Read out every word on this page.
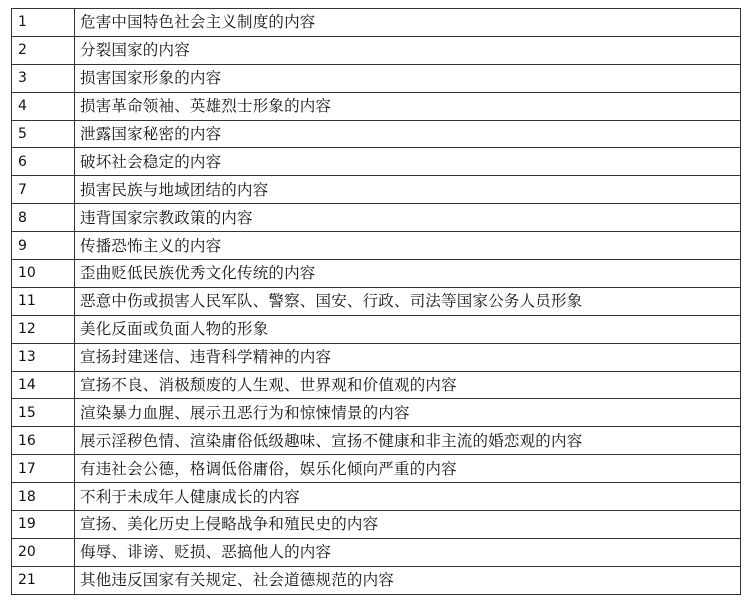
1	危害中国特色社会主义制度的内容
2	分裂国家的内容
3	损害国家形象的内容
4	损害革命领袖、英雄烈士形象的内容
5	泄露国家秘密的内容
6	破坏社会稳定的内容
7	损害民族与地域团结的内容
8	违背国家宗教政策的内容
9	传播恐怖主义的内容
10	歪曲贬低民族优秀文化传统的内容
11	恶意中伤或损害人民军队、警察、国安、行政、司法等国家公务人员形象
12	美化反面或负面人物的形象
13	宣扬封建迷信、违背科学精神的内容
14	宣扬不良、消极颓废的人生观、世界观和价值观的内容
15	渲染暴力血腥、展示丑恶行为和惊悚情景的内容
16	展示淫秽色情、渲染庸俗低级趣味、宣扬不健康和非主流的婚恋观的内容
17	有违社会公德，格调低俗庸俗，娱乐化倾向严重的内容
18	不利于未成年人健康成长的内容
19	宣扬、美化历史上侵略战争和殖民史的内容
20	侮辱、诽谤、贬损、恶搞他人的内容
21	其他违反国家有关规定、社会道德规范的内容
